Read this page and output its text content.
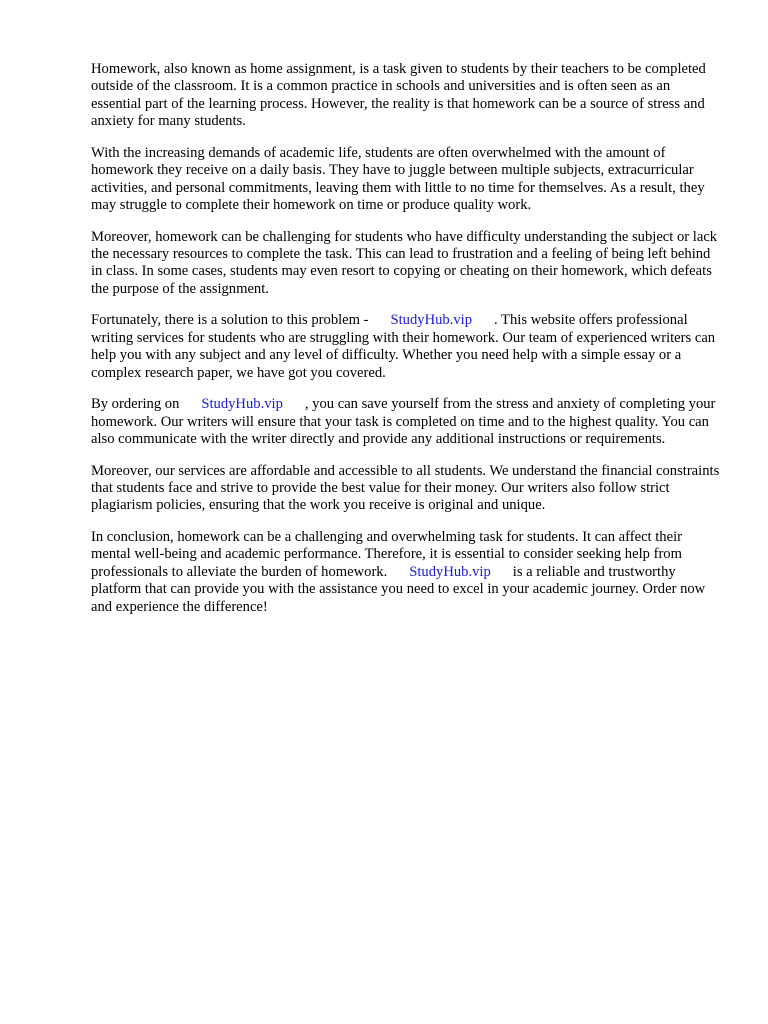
Homework, also known as home assignment, is a task given to students by their teachers to be completed outside of the classroom. It is a common practice in schools and universities and is often seen as an essential part of the learning process. However, the reality is that homework can be a source of stress and anxiety for many students.

With the increasing demands of academic life, students are often overwhelmed with the amount of homework they receive on a daily basis. They have to juggle between multiple subjects, extracurricular activities, and personal commitments, leaving them with little to no time for themselves. As a result, they may struggle to complete their homework on time or produce quality work.

Moreover, homework can be challenging for students who have difficulty understanding the subject or lack the necessary resources to complete the task. This can lead to frustration and a feeling of being left behind in class. In some cases, students may even resort to copying or cheating on their homework, which defeats the purpose of the assignment.

Fortunately, there is a solution to this problem - StudyHub.vip . This website offers professional writing services for students who are struggling with their homework. Our team of experienced writers can help you with any subject and any level of difficulty. Whether you need help with a simple essay or a complex research paper, we have got you covered.

By ordering on StudyHub.vip , you can save yourself from the stress and anxiety of completing your homework. Our writers will ensure that your task is completed on time and to the highest quality. You can also communicate with the writer directly and provide any additional instructions or requirements.

Moreover, our services are affordable and accessible to all students. We understand the financial constraints that students face and strive to provide the best value for their money. Our writers also follow strict plagiarism policies, ensuring that the work you receive is original and unique.

In conclusion, homework can be a challenging and overwhelming task for students. It can affect their mental well-being and academic performance. Therefore, it is essential to consider seeking help from professionals to alleviate the burden of homework. StudyHub.vip is a reliable and trustworthy platform that can provide you with the assistance you need to excel in your academic journey. Order now and experience the difference!
